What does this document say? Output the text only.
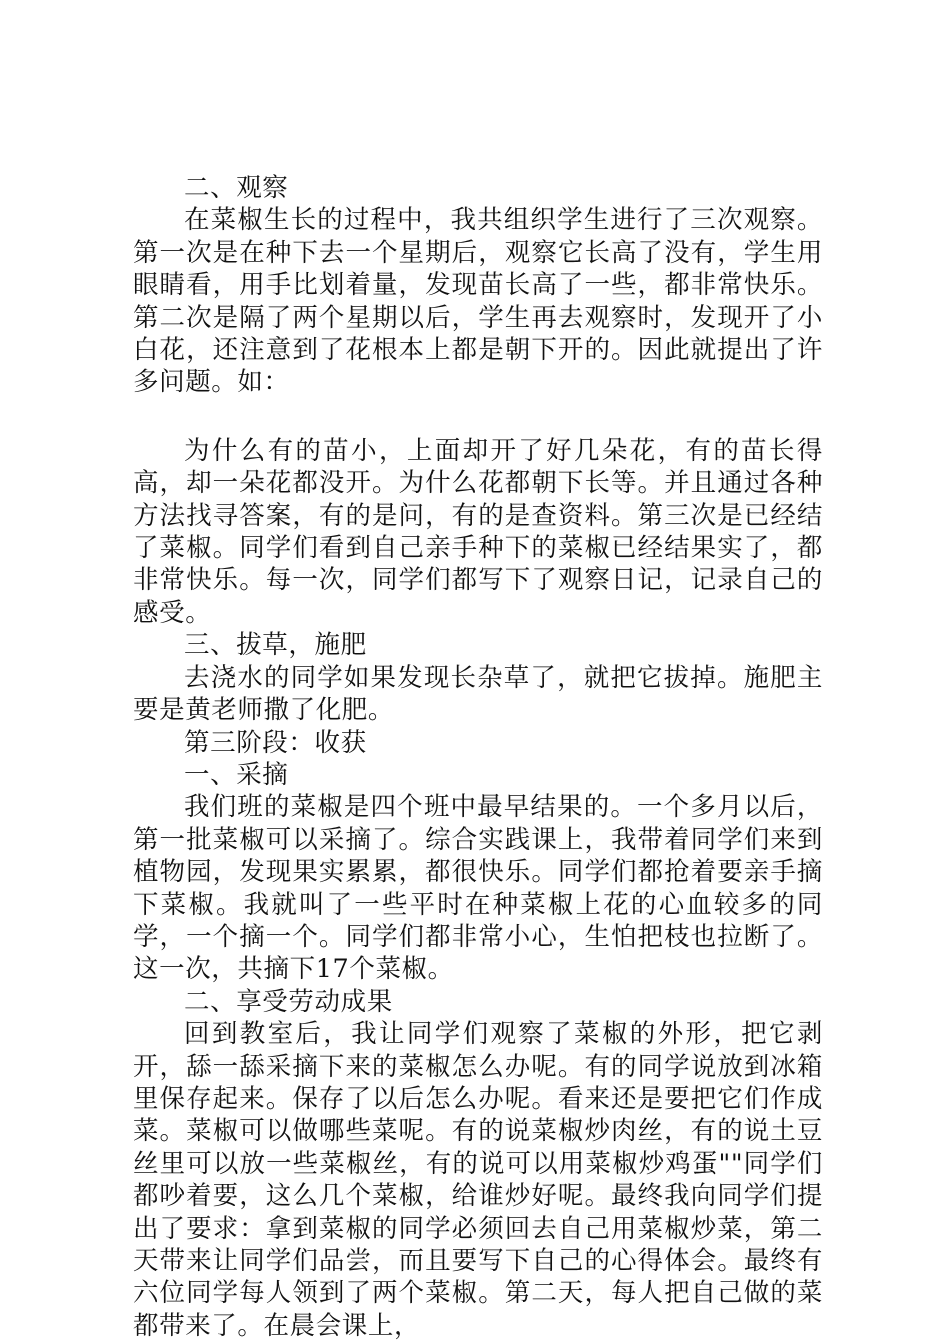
二、观察

在菜椒生长的过程中，我共组织学生进行了三次观察。第一次是在种下去一个星期后，观察它长高了没有，学生用眼睛看，用手比划着量，发现苗长高了一些，都非常快乐。第二次是隔了两个星期以后，学生再去观察时，发现开了小白花，还注意到了花根本上都是朝下开的。因此就提出了许多问题。如：

为什么有的苗小，上面却开了好几朵花，有的苗长得高，却一朵花都没开。为什么花都朝下长等。并且通过各种方法找寻答案，有的是问，有的是查资料。第三次是已经结了菜椒。同学们看到自己亲手种下的菜椒已经结果实了，都非常快乐。每一次，同学们都写下了观察日记，记录自己的感受。

三、拔草，施肥

去浇水的同学如果发现长杂草了，就把它拔掉。施肥主要是黄老师撒了化肥。

第三阶段：收获

一、采摘

我们班的菜椒是四个班中最早结果的。一个多月以后，第一批菜椒可以采摘了。综合实践课上，我带着同学们来到植物园，发现果实累累，都很快乐。同学们都抢着要亲手摘下菜椒。我就叫了一些平时在种菜椒上花的心血较多的同学，一个摘一个。同学们都非常小心，生怕把枝也拉断了。这一次，共摘下17个菜椒。

二、享受劳动成果

回到教室后，我让同学们观察了菜椒的外形，把它剥开，舔一舔采摘下来的菜椒怎么办呢。有的同学说放到冰箱里保存起来。保存了以后怎么办呢。看来还是要把它们作成菜。菜椒可以做哪些菜呢。有的说菜椒炒肉丝，有的说土豆丝里可以放一些菜椒丝，有的说可以用菜椒炒鸡蛋""同学们都吵着要，这么几个菜椒，给谁炒好呢。最终我向同学们提出了要求：拿到菜椒的同学必须回去自己用菜椒炒菜，第二天带来让同学们品尝，而且要写下自己的心得体会。最终有六位同学每人领到了两个菜椒。第二天，每人把自己做的菜都带来了。在晨会课上，
